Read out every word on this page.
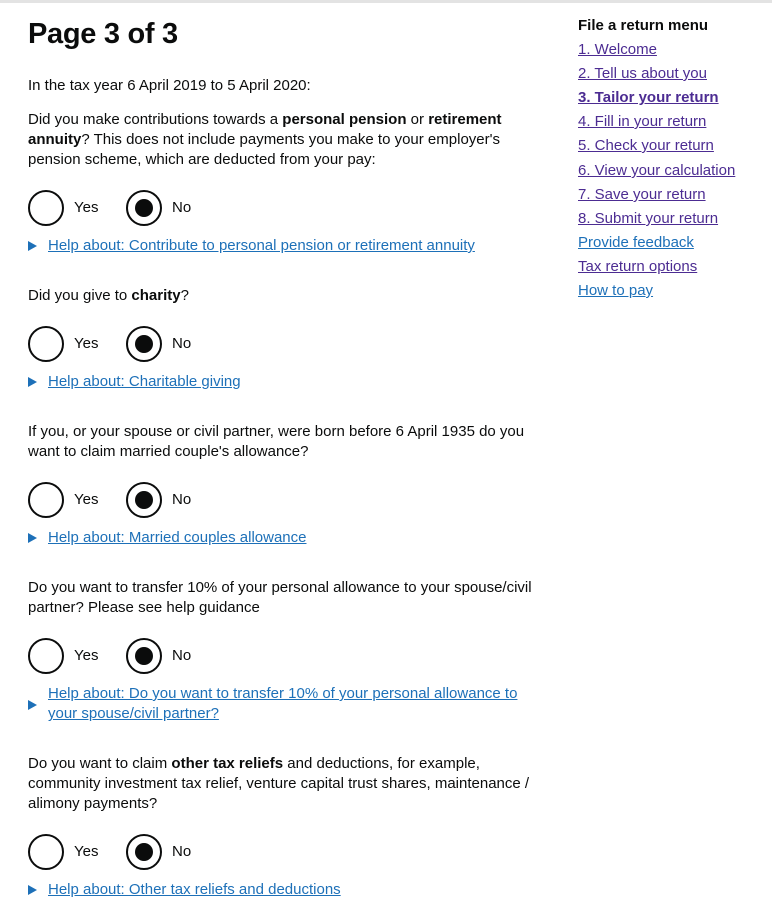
Page 3 of 3

In the tax year 6 April 2019 to 5 April 2020:

Did you make contributions towards a personal pension or retirement annuity? This does not include payments you make to your employer's pension scheme, which are deducted from your pay:

Yes	No
Help about: Contribute to personal pension or retirement annuity

Did you give to charity?

Yes	No
Help about: Charitable giving

If you, or your spouse or civil partner, were born before 6 April 1935 do you want to claim married couple's allowance?

Yes	No
Help about: Married couples allowance

Do you want to transfer 10% of your personal allowance to your spouse/civil partner? Please see help guidance

Yes	No
Help about: Do you want to transfer 10% of your personal allowance to your spouse/civil partner?

Do you want to claim other tax reliefs and deductions, for example, community investment tax relief, venture capital trust shares, maintenance / alimony payments?

Yes	No
Help about: Other tax reliefs and deductions
File a return menu
1. Welcome
2. Tell us about you
3. Tailor your return
4. Fill in your return
5. Check your return
6. View your calculation
7. Save your return
8. Submit your return
Provide feedback
Tax return options
How to pay
